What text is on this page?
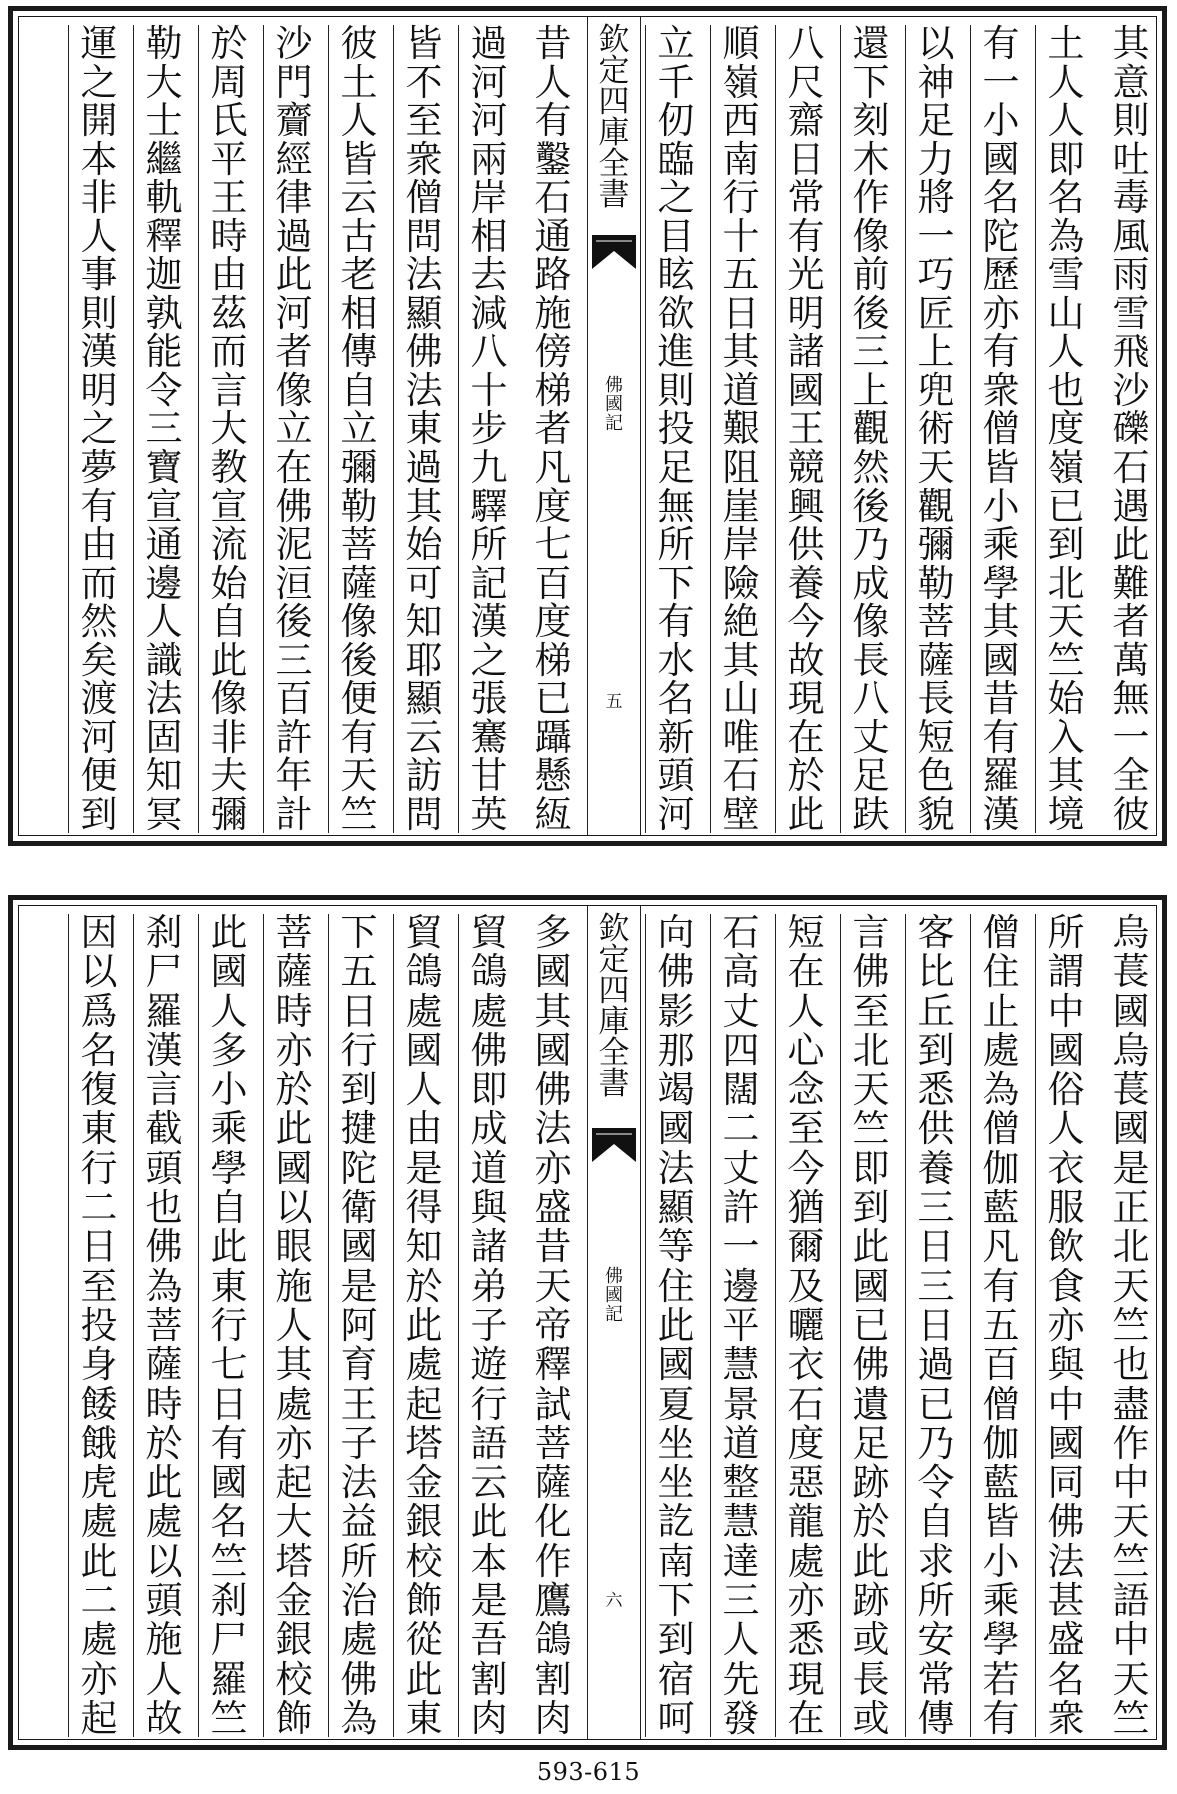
其
意
則
吐
毒
風
雨
雪
飛
沙
礫
石
遇
此
難
者
萬
無
一
全
彼
土
人
人
即
名
為
雪
山
人
也
度
嶺
已
到
北
天
竺
始
入
其
境
有
一
小
國
名
陀
歷
亦
有
衆
僧
皆
小
乘
學
其
國
昔
有
羅
漢
以
神
足
力
將
一
巧
匠
上
兜
術
天
觀
彌
勒
菩
薩
長
短
色
貌
還
下
刻
木
作
像
前
後
三
上
觀
然
後
乃
成
像
長
八
丈
足
趺
八
尺
齋
日
常
有
光
明
諸
國
王
競
興
供
養
今
故
現
在
於
此
順
嶺
西
南
行
十
五
日
其
道
艱
阻
崖
岸
險
絶
其
山
唯
石
壁
立
千
仞
臨
之
目
眩
欲
進
則
投
足
無
所
下
有
水
名
新
頭
河
欽
定
四
庫
全
書
佛
國
記
五
昔
人
有
鑿
石
通
路
施
傍
梯
者
凡
度
七
百
度
梯
已
躡
懸
絚
過
河
河
兩
岸
相
去
減
八
十
步
九
驛
所
記
漢
之
張
騫
甘
英
皆
不
至
衆
僧
問
法
顯
佛
法
東
過
其
始
可
知
耶
顯
云
訪
問
彼
土
人
皆
云
古
老
相
傳
自
立
彌
勒
菩
薩
像
後
便
有
天
竺
沙
門
齎
經
律
過
此
河
者
像
立
在
佛
泥
洹
後
三
百
許
年
計
於
周
氏
平
王
時
由
茲
而
言
大
教
宣
流
始
自
此
像
非
夫
彌
勒
大
士
繼
軌
釋
迦
孰
能
令
三
寶
宣
通
邊
人
識
法
固
知
冥
運
之
開
本
非
人
事
則
漢
明
之
夢
有
由
而
然
矣
渡
河
便
到
烏
萇
國
烏
萇
國
是
正
北
天
竺
也
盡
作
中
天
竺
語
中
天
竺
所
謂
中
國
俗
人
衣
服
飲
食
亦
與
中
國
同
佛
法
甚
盛
名
衆
僧
住
止
處
為
僧
伽
藍
凡
有
五
百
僧
伽
藍
皆
小
乘
學
若
有
客
比
丘
到
悉
供
養
三
日
三
日
過
已
乃
令
自
求
所
安
常
傳
言
佛
至
北
天
竺
即
到
此
國
已
佛
遺
足
跡
於
此
跡
或
長
或
短
在
人
心
念
至
今
猶
爾
及
曬
衣
石
度
惡
龍
處
亦
悉
現
在
石
高
丈
四
闊
二
丈
許
一
邊
平
慧
景
道
整
慧
達
三
人
先
發
向
佛
影
那
竭
國
法
顯
等
住
此
國
夏
坐
坐
訖
南
下
到
宿
呵
欽
定
四
庫
全
書
佛
國
記
六
多
國
其
國
佛
法
亦
盛
昔
天
帝
釋
試
菩
薩
化
作
鷹
鴿
割
肉
貿
鴿
處
佛
即
成
道
與
諸
弟
子
遊
行
語
云
此
本
是
吾
割
肉
貿
鴿
處
國
人
由
是
得
知
於
此
處
起
塔
金
銀
校
飾
從
此
東
下
五
日
行
到
揵
陀
衛
國
是
阿
育
王
子
法
益
所
治
處
佛
為
菩
薩
時
亦
於
此
國
以
眼
施
人
其
處
亦
起
大
塔
金
銀
校
飾
此
國
人
多
小
乘
學
自
此
東
行
七
日
有
國
名
竺
刹
尸
羅
竺
刹
尸
羅
漢
言
截
頭
也
佛
為
菩
薩
時
於
此
處
以
頭
施
人
故
因
以
爲
名
復
東
行
二
日
至
投
身
餧
餓
虎
處
此
二
處
亦
起
593-615
